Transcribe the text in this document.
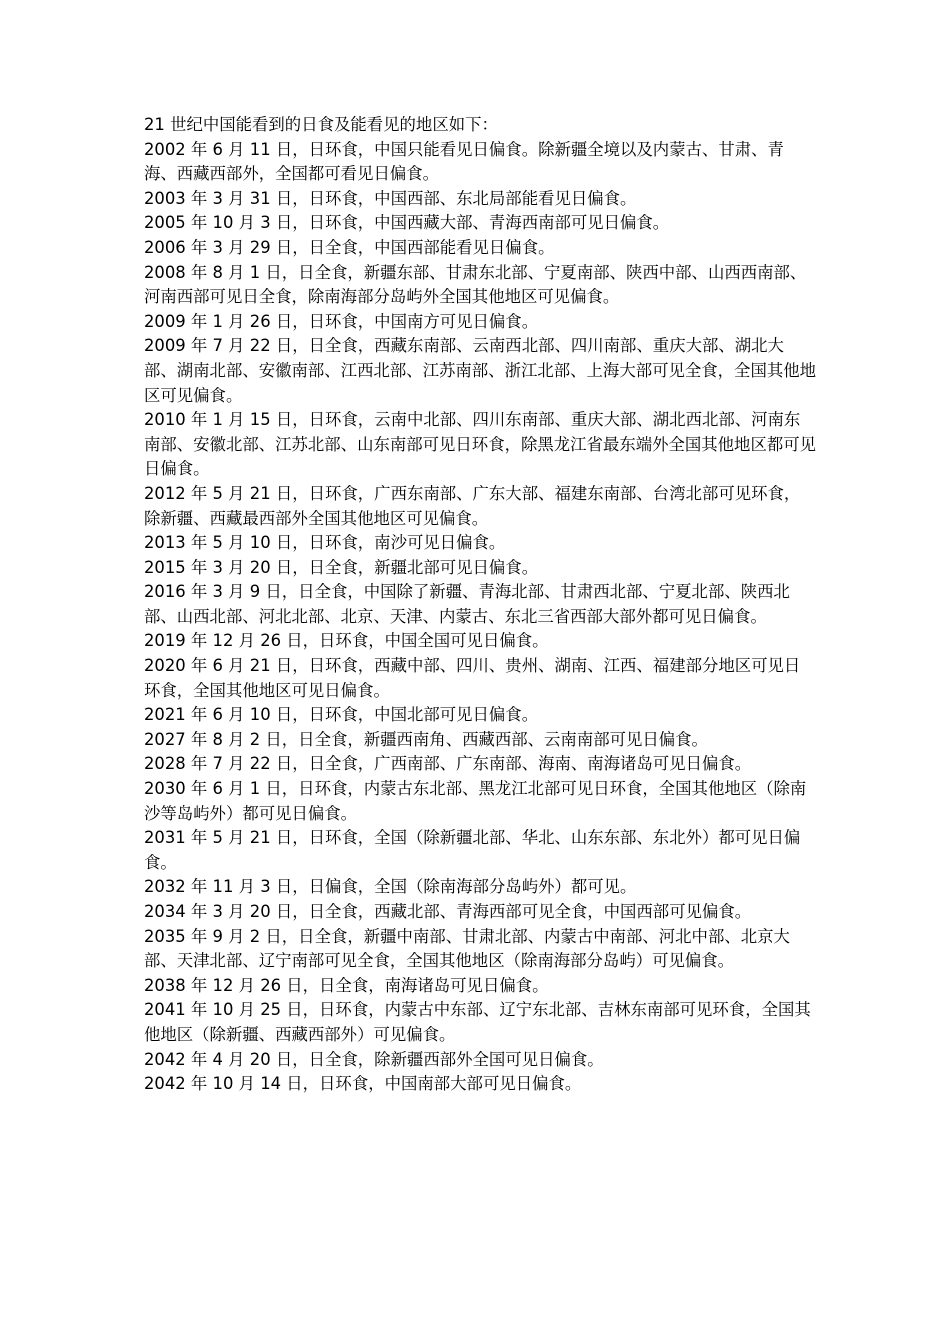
21 世纪中国能看到的日食及能看见的地区如下：

2002 年 6 月 11 日，日环食，中国只能看见日偏食。除新疆全境以及内蒙古、甘肃、青海、西藏西部外，全国都可看见日偏食。

2003 年 3 月 31 日，日环食，中国西部、东北局部能看见日偏食。

2005 年 10 月 3 日，日环食，中国西藏大部、青海西南部可见日偏食。

2006 年 3 月 29 日，日全食，中国西部能看见日偏食。

2008 年 8 月 1 日，日全食，新疆东部、甘肃东北部、宁夏南部、陕西中部、山西西南部、河南西部可见日全食，除南海部分岛屿外全国其他地区可见偏食。

2009 年 1 月 26 日，日环食，中国南方可见日偏食。

2009 年 7 月 22 日，日全食，西藏东南部、云南西北部、四川南部、重庆大部、湖北大部、湖南北部、安徽南部、江西北部、江苏南部、浙江北部、上海大部可见全食，全国其他地区可见偏食。

2010 年 1 月 15 日，日环食，云南中北部、四川东南部、重庆大部、湖北西北部、河南东南部、安徽北部、江苏北部、山东南部可见日环食，除黑龙江省最东端外全国其他地区都可见日偏食。

2012 年 5 月 21 日，日环食，广西东南部、广东大部、福建东南部、台湾北部可见环食，除新疆、西藏最西部外全国其他地区可见偏食。

2013 年 5 月 10 日，日环食，南沙可见日偏食。

2015 年 3 月 20 日，日全食，新疆北部可见日偏食。

2016 年 3 月 9 日，日全食，中国除了新疆、青海北部、甘肃西北部、宁夏北部、陕西北部、山西北部、河北北部、北京、天津、内蒙古、东北三省西部大部外都可见日偏食。

2019 年 12 月 26 日，日环食，中国全国可见日偏食。

2020 年 6 月 21 日，日环食，西藏中部、四川、贵州、湖南、江西、福建部分地区可见日环食，全国其他地区可见日偏食。

2021 年 6 月 10 日，日环食，中国北部可见日偏食。

2027 年 8 月 2 日，日全食，新疆西南角、西藏西部、云南南部可见日偏食。

2028 年 7 月 22 日，日全食，广西南部、广东南部、海南、南海诸岛可见日偏食。

2030 年 6 月 1 日，日环食，内蒙古东北部、黑龙江北部可见日环食，全国其他地区（除南沙等岛屿外）都可见日偏食。

2031 年 5 月 21 日，日环食，全国（除新疆北部、华北、山东东部、东北外）都可见日偏食。

2032 年 11 月 3 日，日偏食，全国（除南海部分岛屿外）都可见。

2034 年 3 月 20 日，日全食，西藏北部、青海西部可见全食，中国西部可见偏食。

2035 年 9 月 2 日，日全食，新疆中南部、甘肃北部、内蒙古中南部、河北中部、北京大部、天津北部、辽宁南部可见全食，全国其他地区（除南海部分岛屿）可见偏食。

2038 年 12 月 26 日，日全食，南海诸岛可见日偏食。

2041 年 10 月 25 日，日环食，内蒙古中东部、辽宁东北部、吉林东南部可见环食，全国其他地区（除新疆、西藏西部外）可见偏食。

2042 年 4 月 20 日，日全食，除新疆西部外全国可见日偏食。

2042 年 10 月 14 日，日环食，中国南部大部可见日偏食。
